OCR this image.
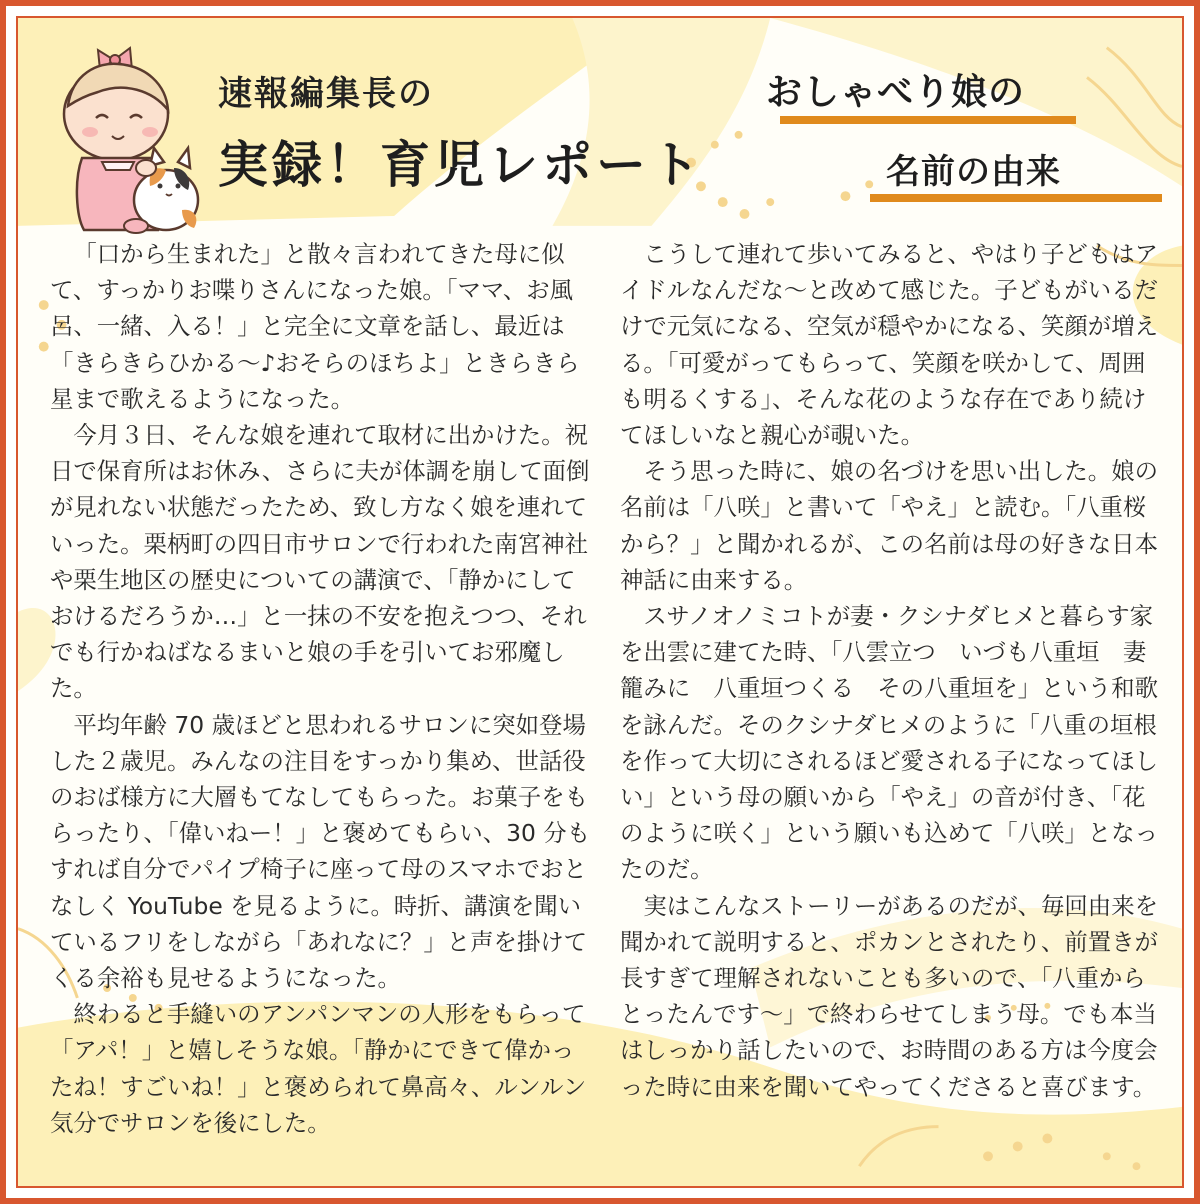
速報編集長の
実録！育児レポート
おしゃべり娘の
名前の由来

「口から生まれた」と散々言われてきた母に似て、すっかりお喋りさんになった娘。「ママ、お風呂、一緒、入る！」と完全に文章を話し、最近は「きらきらひかる〜♪おそらのほちよ」ときらきら星まで歌えるようになった。

今月３日、そんな娘を連れて取材に出かけた。祝日で保育所はお休み、さらに夫が体調を崩して面倒が見れない状態だったため、致し方なく娘を連れていった。栗柄町の四日市サロンで行われた南宮神社や栗生地区の歴史についての講演で、「静かにしておけるだろうか…」と一抹の不安を抱えつつ、それでも行かねばなるまいと娘の手を引いてお邪魔した。

平均年齢 70 歳ほどと思われるサロンに突如登場した２歳児。みんなの注目をすっかり集め、世話役のおば様方に大層もてなしてもらった。お菓子をもらったり、「偉いねー！」と褒めてもらい、30 分もすれば自分でパイプ椅子に座って母のスマホでおとなしく YouTube を見るように。時折、講演を聞いているフリをしながら「あれなに？」と声を掛けてくる余裕も見せるようになった。

終わると手縫いのアンパンマンの人形をもらって「アパ！」と嬉しそうな娘。「静かにできて偉かったね！すごいね！」と褒められて鼻高々、ルンルン気分でサロンを後にした。

こうして連れて歩いてみると、やはり子どもはアイドルなんだな〜と改めて感じた。子どもがいるだけで元気になる、空気が穏やかになる、笑顔が増える。「可愛がってもらって、笑顔を咲かして、周囲も明るくする」、そんな花のような存在であり続けてほしいなと親心が覗いた。

そう思った時に、娘の名づけを思い出した。娘の名前は「八咲」と書いて「やえ」と読む。「八重桜から？」と聞かれるが、この名前は母の好きな日本神話に由来する。

スサノオノミコトが妻・クシナダヒメと暮らす家を出雲に建てた時、「八雲立つ　いづも八重垣　妻籠みに　八重垣つくる　その八重垣を」という和歌を詠んだ。そのクシナダヒメのように「八重の垣根を作って大切にされるほど愛される子になってほしい」という母の願いから「やえ」の音が付き、「花のように咲く」という願いも込めて「八咲」となったのだ。

実はこんなストーリーがあるのだが、毎回由来を聞かれて説明すると、ポカンとされたり、前置きが長すぎて理解されないことも多いので、「八重からとったんです〜」で終わらせてしまう母。でも本当はしっかり話したいので、お時間のある方は今度会った時に由来を聞いてやってくださると喜びます。
